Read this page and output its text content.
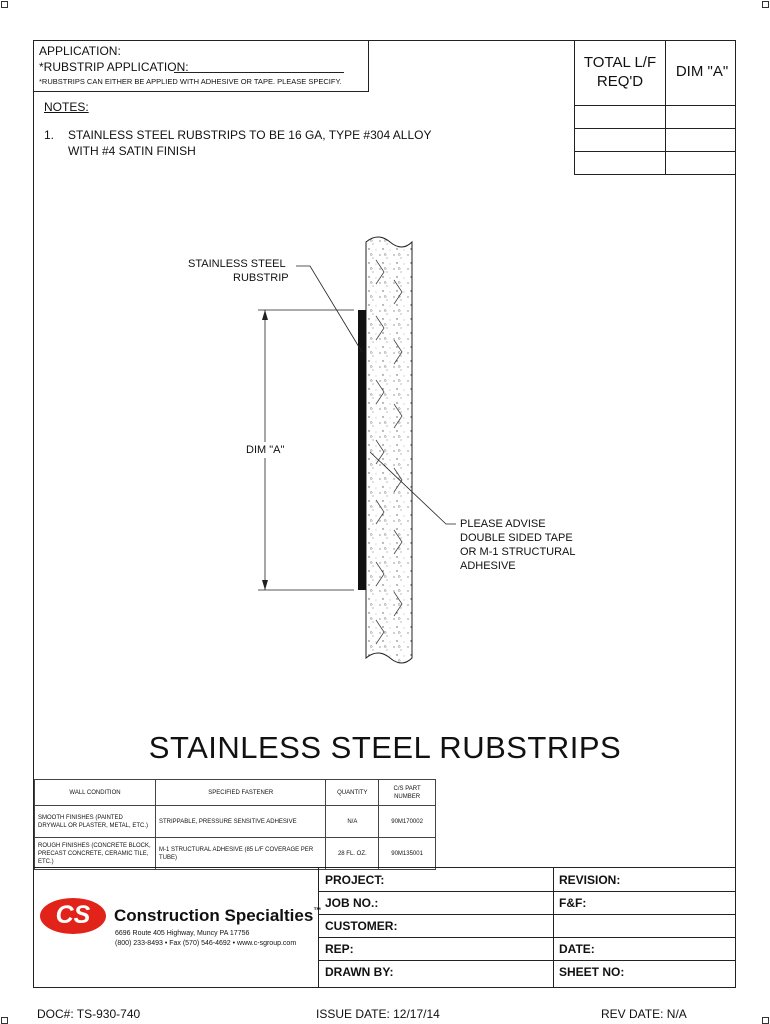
APPLICATION:
*RUBSTRIP APPLICATION:
*RUBSTRIPS CAN EITHER BE APPLIED WITH ADHESIVE OR TAPE. PLEASE SPECIFY.
TOTAL L/F REQ'D
DIM "A"
NOTES:
1. STAINLESS STEEL RUBSTRIPS TO BE 16 GA, TYPE #304 ALLOY
WITH #4 SATIN FINISH
STAINLESS STEEL
RUBSTRIP
DIM "A"
PLEASE ADVISE
DOUBLE SIDED TAPE
OR M-1 STRUCTURAL
ADHESIVE
STAINLESS STEEL RUBSTRIPS
WALL CONDITION	SPECIFIED FASTENER	QUANTITY	C/S PART NUMBER
SMOOTH FINISHES (PAINTED DRYWALL OR PLASTER, METAL, ETC.)	STRIPPABLE, PRESSURE SENSITIVE ADHESIVE	N/A	90M170002
ROUGH FINISHES (CONCRETE BLOCK, PRECAST CONCRETE, CERAMIC TILE, ETC.)	M-1 STRUCTURAL ADHESIVE (85 L/F COVERAGE PER TUBE)	28 FL. OZ.	90M135001
PROJECT:	REVISION:
JOB NO.:	F&F:
CUSTOMER:
REP:	DATE:
DRAWN BY:	SHEET NO:
CS	Construction Specialties™
6696 Route 405 Highway, Muncy PA 17756
(800) 233-8493 • Fax (570) 546-4692 • www.c-sgroup.com
DOC#: TS-930-740	ISSUE DATE: 12/17/14	REV DATE: N/A
